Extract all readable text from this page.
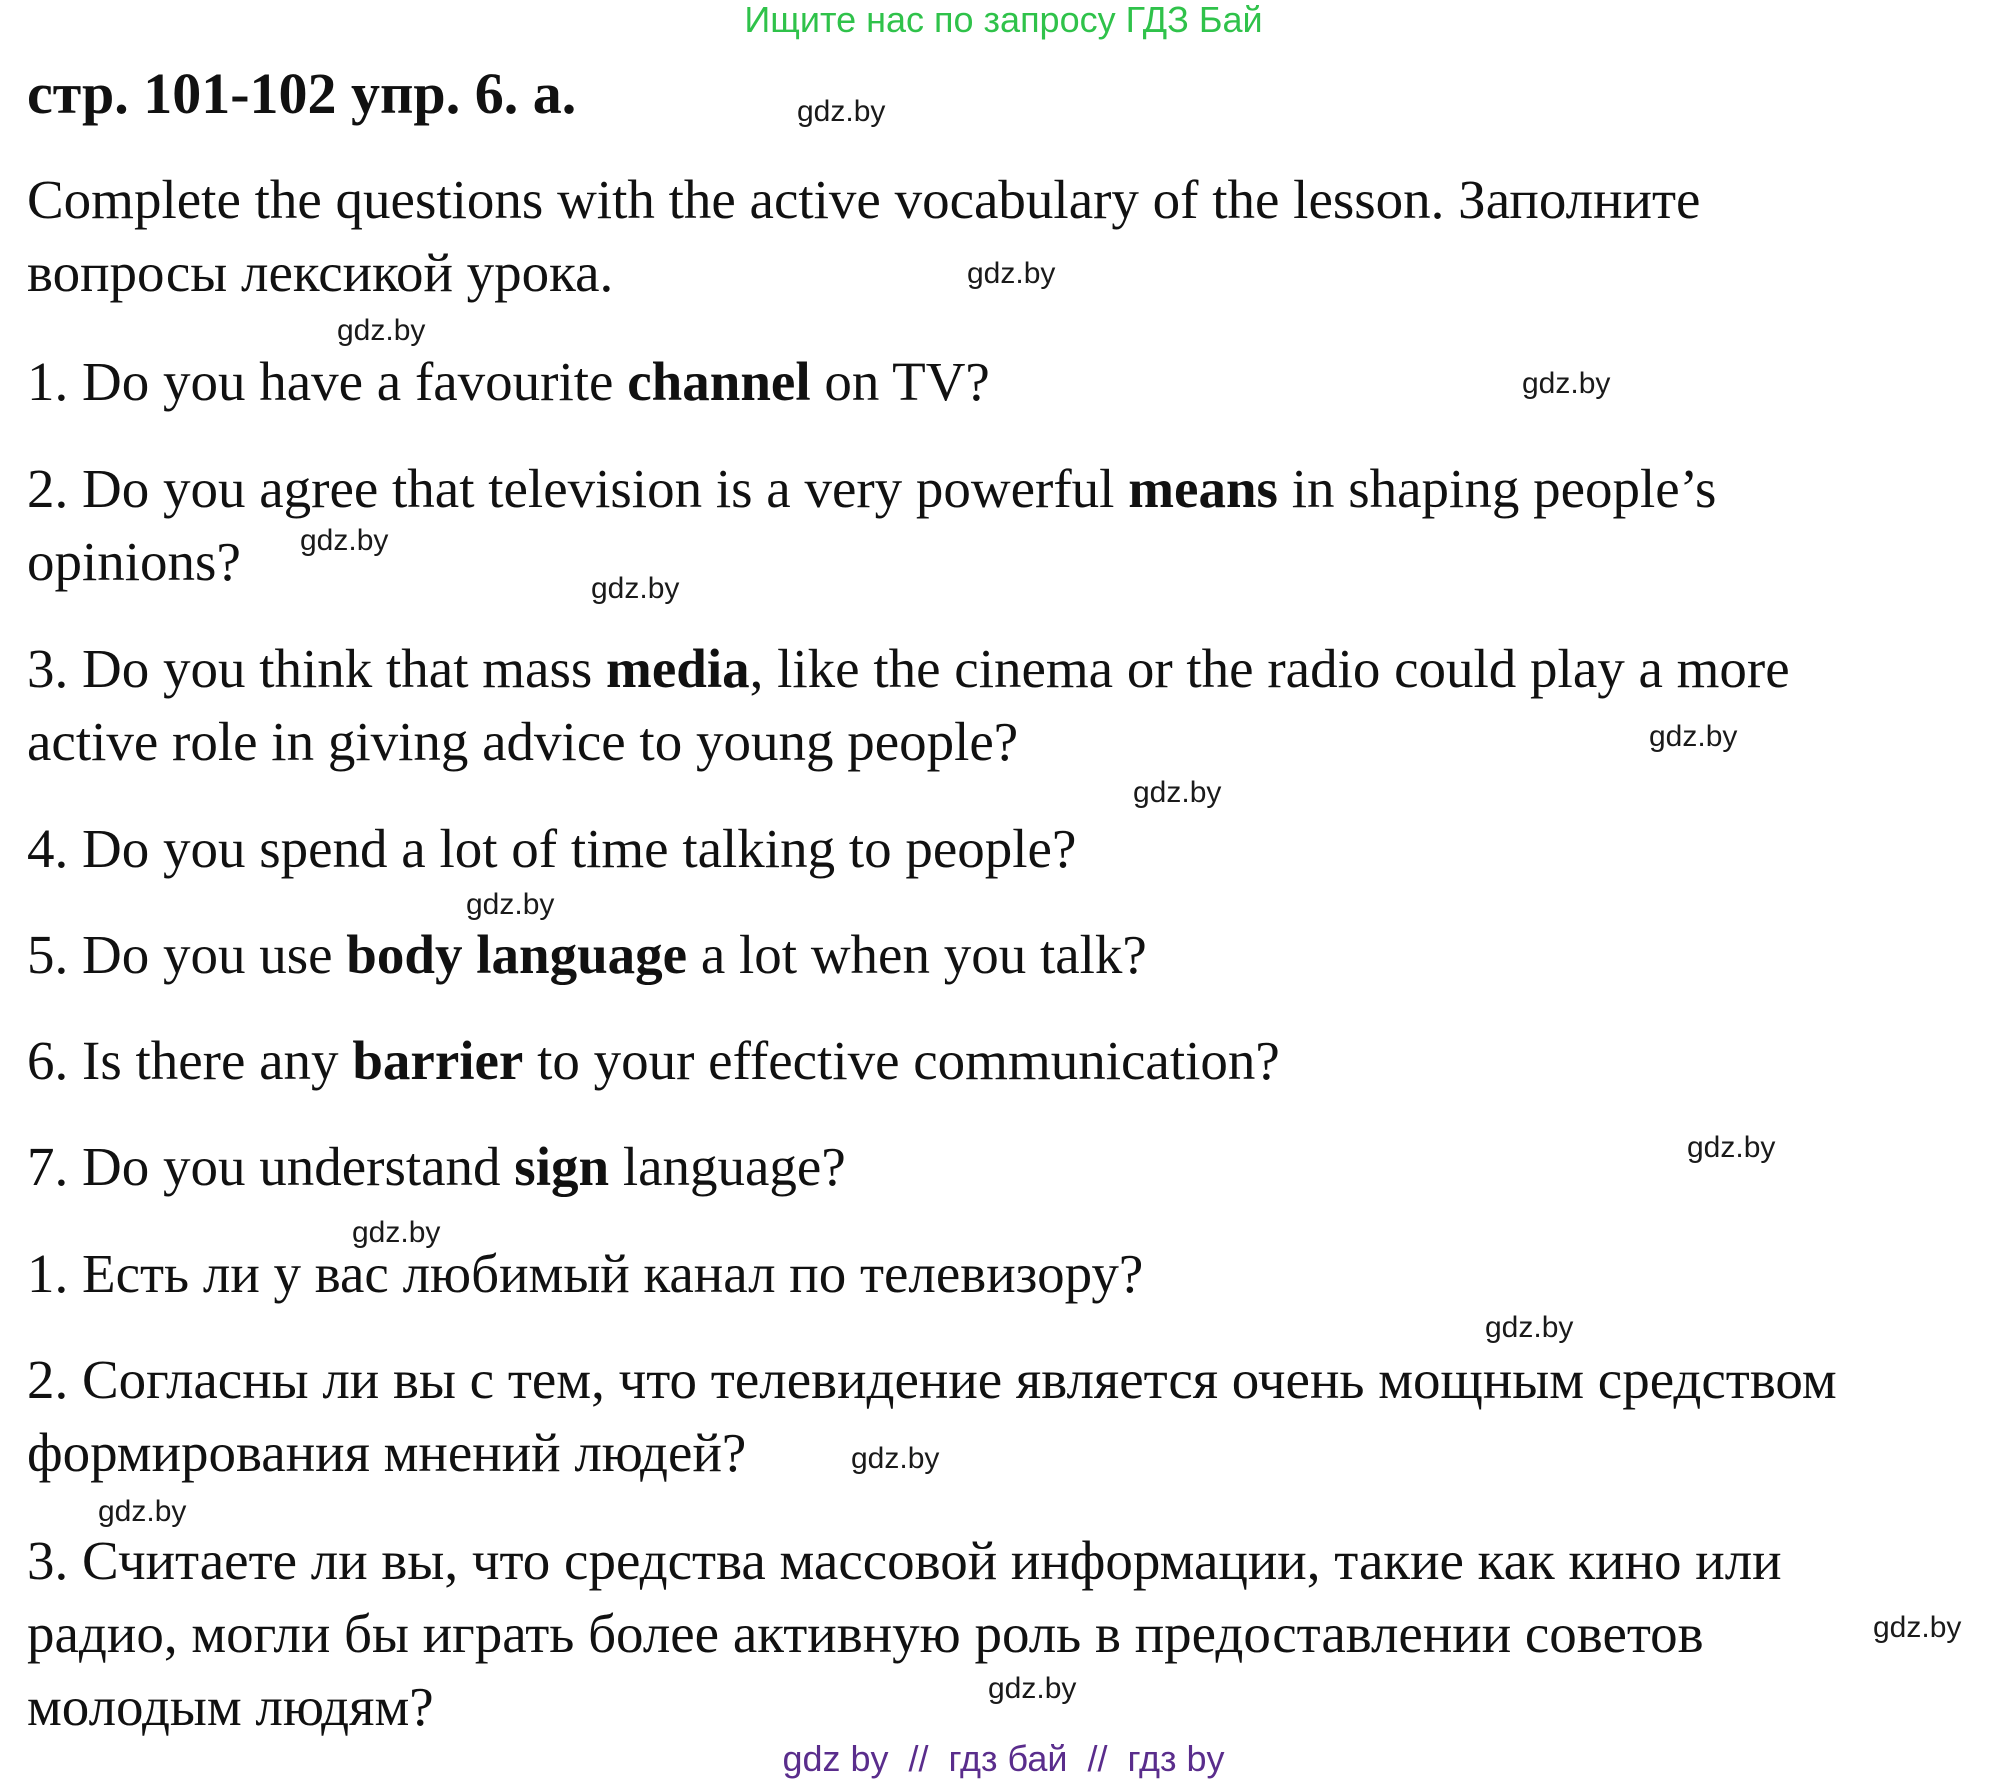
Ищите нас по запросу ГДЗ Бай
стр. 101-102 упр. 6. а.
Complete the questions with the active vocabulary of the lesson. Заполните
вопросы лексикой урока.
1. Do you have a favourite channel on TV?
2. Do you agree that television is a very powerful means in shaping people’s
opinions?
3. Do you think that mass media, like the cinema or the radio could play a more
active role in giving advice to young people?
4. Do you spend a lot of time talking to people?
5. Do you use body language a lot when you talk?
6. Is there any barrier to your effective communication?
7. Do you understand sign language?
1. Есть ли у вас любимый канал по телевизору?
2. Согласны ли вы с тем, что телевидение является очень мощным средством
формирования мнений людей?
3. Считаете ли вы, что средства массовой информации, такие как кино или
радио, могли бы играть более активную роль в предоставлении советов
молодым людям?
gdz.by
gdz.by
gdz.by
gdz.by
gdz.by
gdz.by
gdz.by
gdz.by
gdz.by
gdz.by
gdz.by
gdz.by
gdz.by
gdz.by
gdz.by
gdz.by
gdz by  //  гдз бай  //  гдз by
